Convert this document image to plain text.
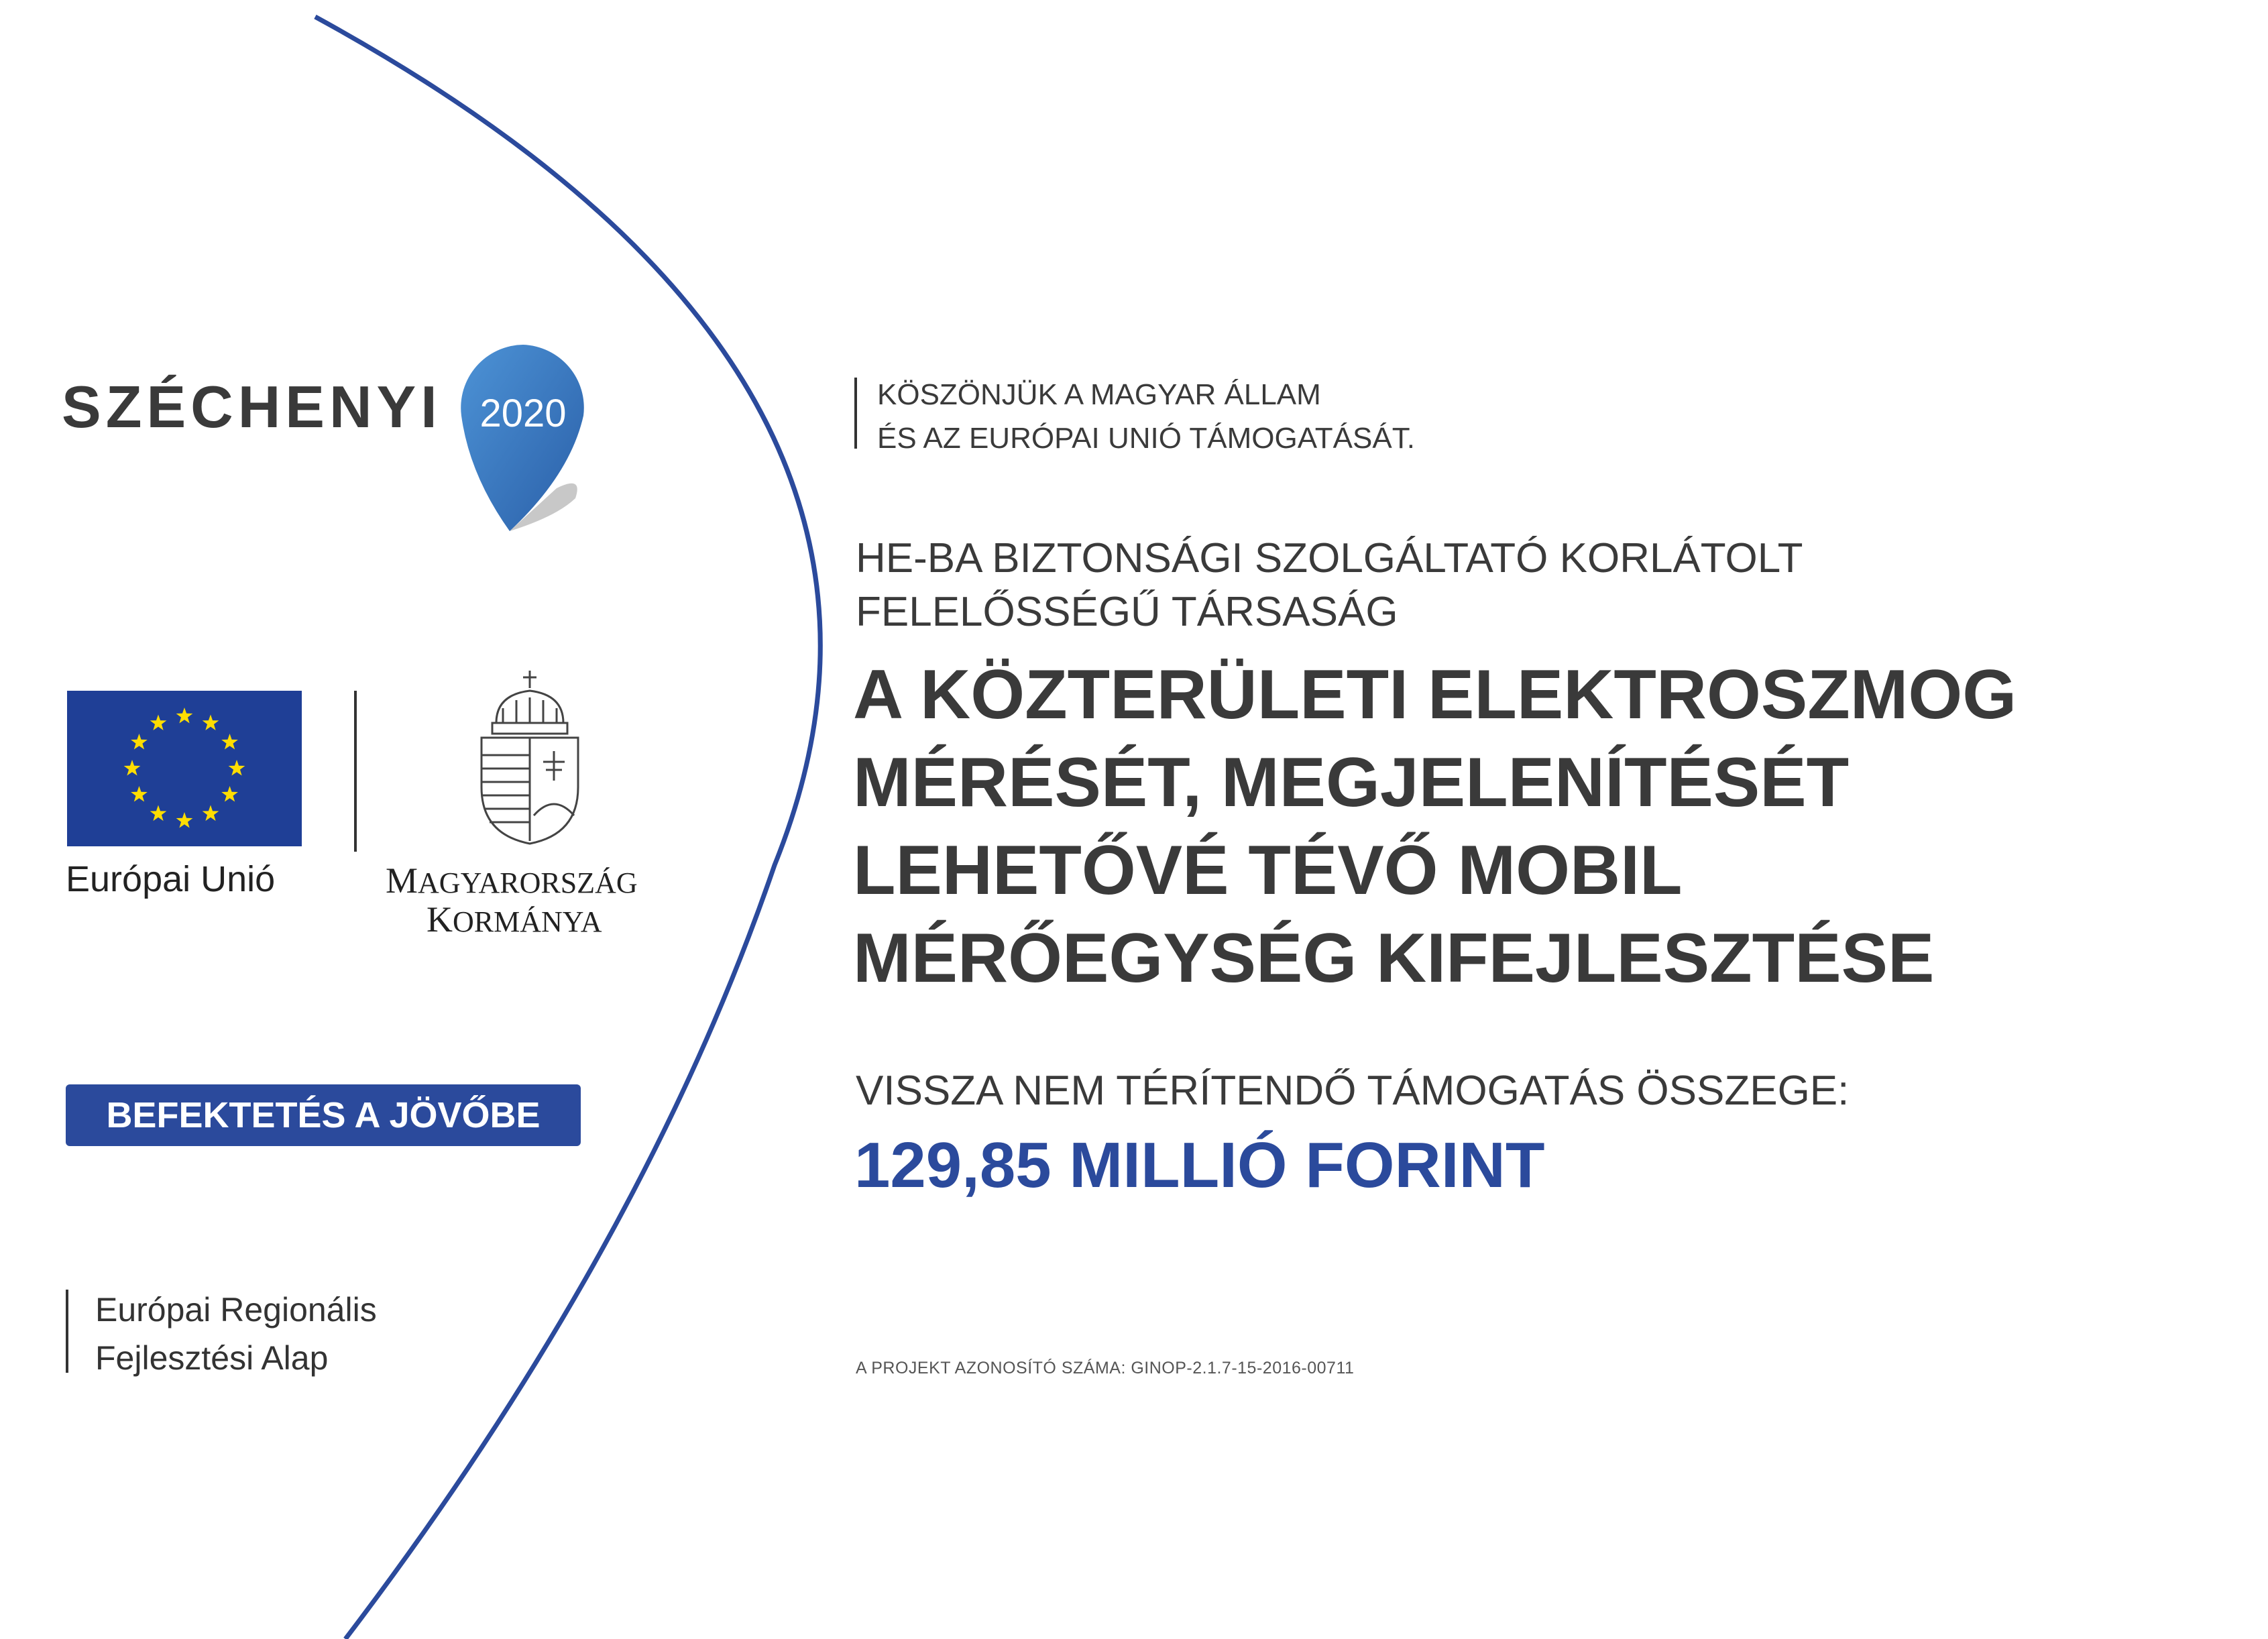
SZÉCHENYI 2020
Európai Unió	MAGYARORSZÁG
KORMÁNYA
BEFEKTETÉS A JÖVŐBE
Európai Regionális
Fejlesztési Alap
KÖSZÖNJÜK A MAGYAR ÁLLAM
ÉS AZ EURÓPAI UNIÓ TÁMOGATÁSÁT.
HE-BA BIZTONSÁGI SZOLGÁLTATÓ KORLÁTOLT
FELELŐSSÉGŰ TÁRSASÁG
A KÖZTERÜLETI ELEKTROSZMOG
MÉRÉSÉT, MEGJELENÍTÉSÉT
LEHETŐVÉ TÉVŐ MOBIL
MÉRŐEGYSÉG KIFEJLESZTÉSE
VISSZA NEM TÉRÍTENDŐ TÁMOGATÁS ÖSSZEGE:
129,85 MILLIÓ FORINT
A PROJEKT AZONOSÍTÓ SZÁMA: GINOP-2.1.7-15-2016-00711
